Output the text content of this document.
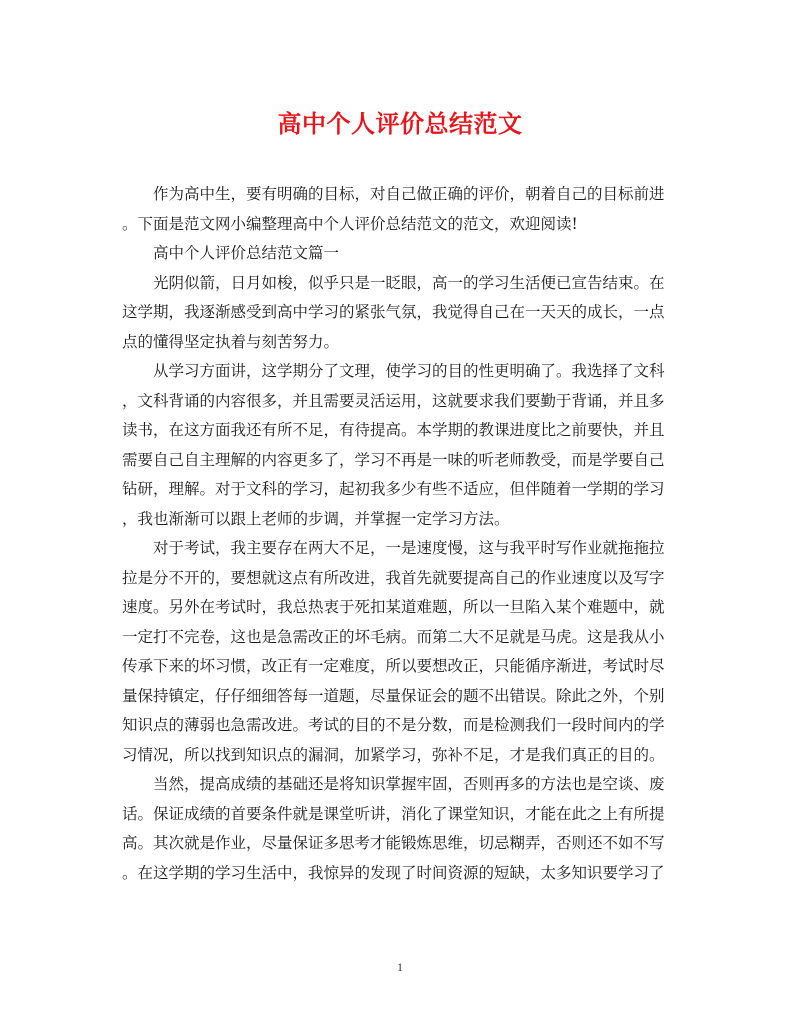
高中个人评价总结范文
　　作为高中生，要有明确的目标，对自己做正确的评价，朝着自己的目标前进
。下面是范文网小编整理高中个人评价总结范文的范文，欢迎阅读!
　　高中个人评价总结范文篇一
　　光阴似箭，日月如梭，似乎只是一眨眼，高一的学习生活便已宣告结束。在
这学期，我逐渐感受到高中学习的紧张气氛，我觉得自己在一天天的成长，一点
点的懂得坚定执着与刻苦努力。
　　从学习方面讲，这学期分了文理，使学习的目的性更明确了。我选择了文科
，文科背诵的内容很多，并且需要灵活运用，这就要求我们要勤于背诵，并且多
读书，在这方面我还有所不足，有待提高。本学期的教课进度比之前要快，并且
需要自己自主理解的内容更多了，学习不再是一味的听老师教受，而是学要自己
钻研，理解。对于文科的学习，起初我多少有些不适应，但伴随着一学期的学习
，我也渐渐可以跟上老师的步调，并掌握一定学习方法。
　　对于考试，我主要存在两大不足，一是速度慢，这与我平时写作业就拖拖拉
拉是分不开的，要想就这点有所改进，我首先就要提高自己的作业速度以及写字
速度。另外在考试时，我总热衷于死扣某道难题，所以一旦陷入某个难题中，就
一定打不完卷，这也是急需改正的坏毛病。而第二大不足就是马虎。这是我从小
传承下来的坏习惯，改正有一定难度，所以要想改正，只能循序渐进，考试时尽
量保持镇定，仔仔细细答每一道题，尽量保证会的题不出错误。除此之外，个别
知识点的薄弱也急需改进。考试的目的不是分数，而是检测我们一段时间内的学
习情况，所以找到知识点的漏洞，加紧学习，弥补不足，才是我们真正的目的。
　　当然，提高成绩的基础还是将知识掌握牢固，否则再多的方法也是空谈、废
话。保证成绩的首要条件就是课堂听讲，消化了课堂知识，才能在此之上有所提
高。其次就是作业，尽量保证多思考才能锻炼思维，切忌糊弄，否则还不如不写
。在这学期的学习生活中，我惊异的发现了时间资源的短缺，太多知识要学习了
1
